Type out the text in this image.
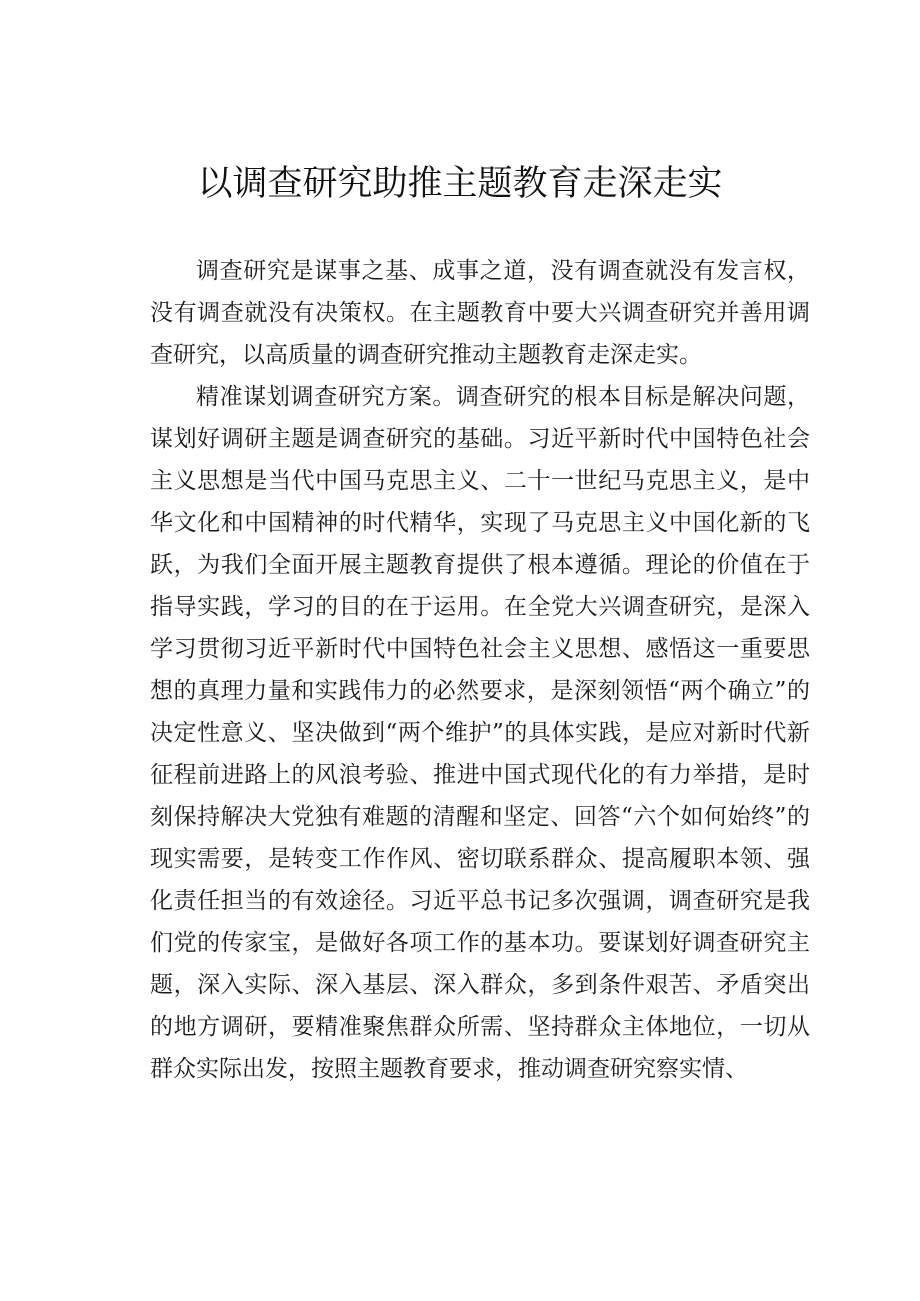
以调查研究助推主题教育走深走实

调查研究是谋事之基、成事之道，没有调查就没有发言权，没有调查就没有决策权。在主题教育中要大兴调查研究并善用调查研究，以高质量的调查研究推动主题教育走深走实。

精准谋划调查研究方案。调查研究的根本目标是解决问题，谋划好调研主题是调查研究的基础。习近平新时代中国特色社会主义思想是当代中国马克思主义、二十一世纪马克思主义，是中华文化和中国精神的时代精华，实现了马克思主义中国化新的飞跃，为我们全面开展主题教育提供了根本遵循。理论的价值在于指导实践，学习的目的在于运用。在全党大兴调查研究，是深入学习贯彻习近平新时代中国特色社会主义思想、感悟这一重要思想的真理力量和实践伟力的必然要求，是深刻领悟“两个确立”的决定性意义、坚决做到“两个维护”的具体实践，是应对新时代新征程前进路上的风浪考验、推进中国式现代化的有力举措，是时刻保持解决大党独有难题的清醒和坚定、回答“六个如何始终”的现实需要，是转变工作作风、密切联系群众、提高履职本领、强化责任担当的有效途径。习近平总书记多次强调，调查研究是我们党的传家宝，是做好各项工作的基本功。要谋划好调查研究主题，深入实际、深入基层、深入群众，多到条件艰苦、矛盾突出的地方调研，要精准聚焦群众所需、坚持群众主体地位，一切从群众实际出发，按照主题教育要求，推动调查研究察实情、
